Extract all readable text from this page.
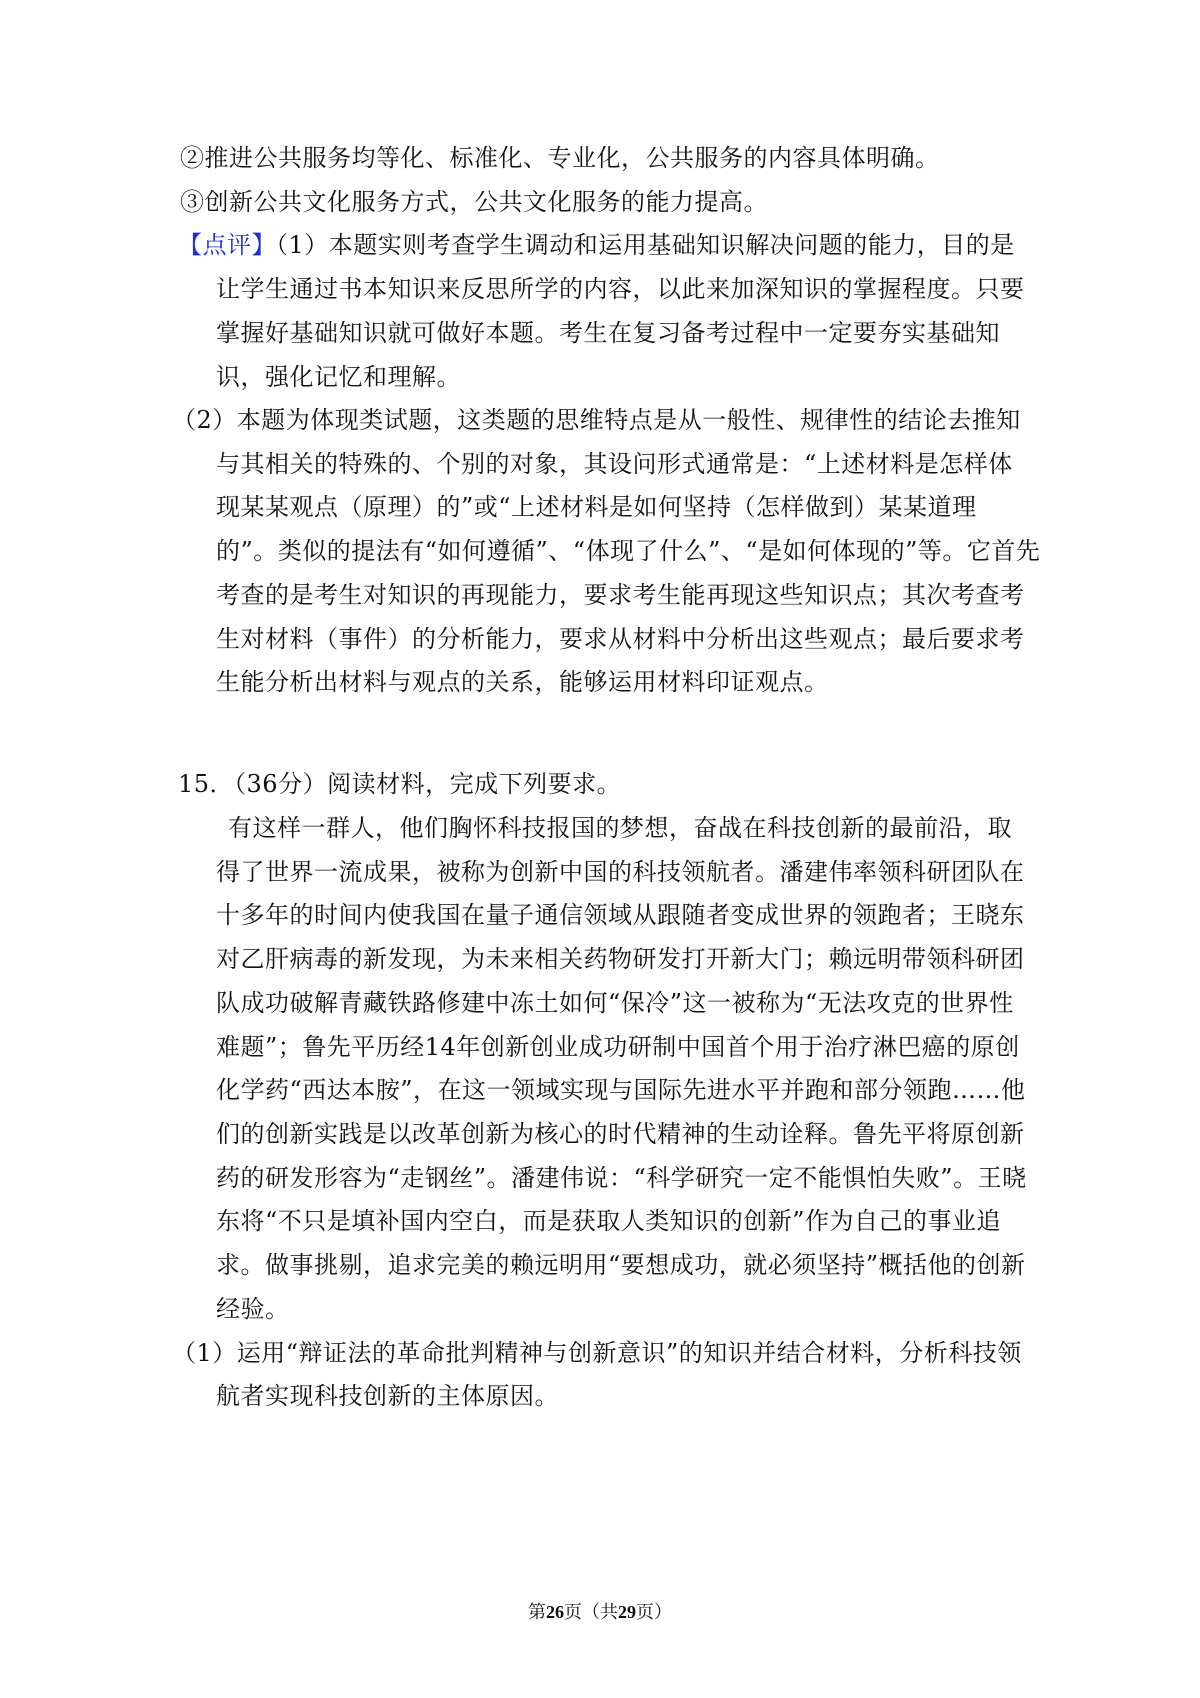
②推进公共服务均等化、标准化、专业化，公共服务的内容具体明确。
③创新公共文化服务方式，公共文化服务的能力提高。
【点评】（1）本题实则考查学生调动和运用基础知识解决问题的能力，目的是
让学生通过书本知识来反思所学的内容，以此来加深知识的掌握程度。只要
掌握好基础知识就可做好本题。考生在复习备考过程中一定要夯实基础知
识，强化记忆和理解。
（2）本题为体现类试题，这类题的思维特点是从一般性、规律性的结论去推知
与其相关的特殊的、个别的对象，其设问形式通常是：“上述材料是怎样体
现某某观点（原理）的”或“上述材料是如何坚持（怎样做到）某某道理
的”。类似的提法有“如何遵循”、“体现了什么”、“是如何体现的”等。它首先
考查的是考生对知识的再现能力，要求考生能再现这些知识点；其次考查考
生对材料（事件）的分析能力，要求从材料中分析出这些观点；最后要求考
生能分析出材料与观点的关系，能够运用材料印证观点。
15．（36分）阅读材料，完成下列要求。
有这样一群人，他们胸怀科技报国的梦想，奋战在科技创新的最前沿，取
得了世界一流成果，被称为创新中国的科技领航者。潘建伟率领科研团队在
十多年的时间内使我国在量子通信领域从跟随者变成世界的领跑者；王晓东
对乙肝病毒的新发现，为未来相关药物研发打开新大门；赖远明带领科研团
队成功破解青藏铁路修建中冻土如何“保冷”这一被称为“无法攻克的世界性
难题”；鲁先平历经14年创新创业成功研制中国首个用于治疗淋巴癌的原创
化学药“西达本胺”，在这一领域实现与国际先进水平并跑和部分领跑……他
们的创新实践是以改革创新为核心的时代精神的生动诠释。鲁先平将原创新
药的研发形容为“走钢丝”。潘建伟说：“科学研究一定不能惧怕失败”。王晓
东将“不只是填补国内空白，而是获取人类知识的创新”作为自己的事业追
求。做事挑剔，追求完美的赖远明用“要想成功，就必须坚持”概括他的创新
经验。
（1）运用“辩证法的革命批判精神与创新意识”的知识并结合材料，分析科技领
航者实现科技创新的主体原因。
第26页（共29页）
